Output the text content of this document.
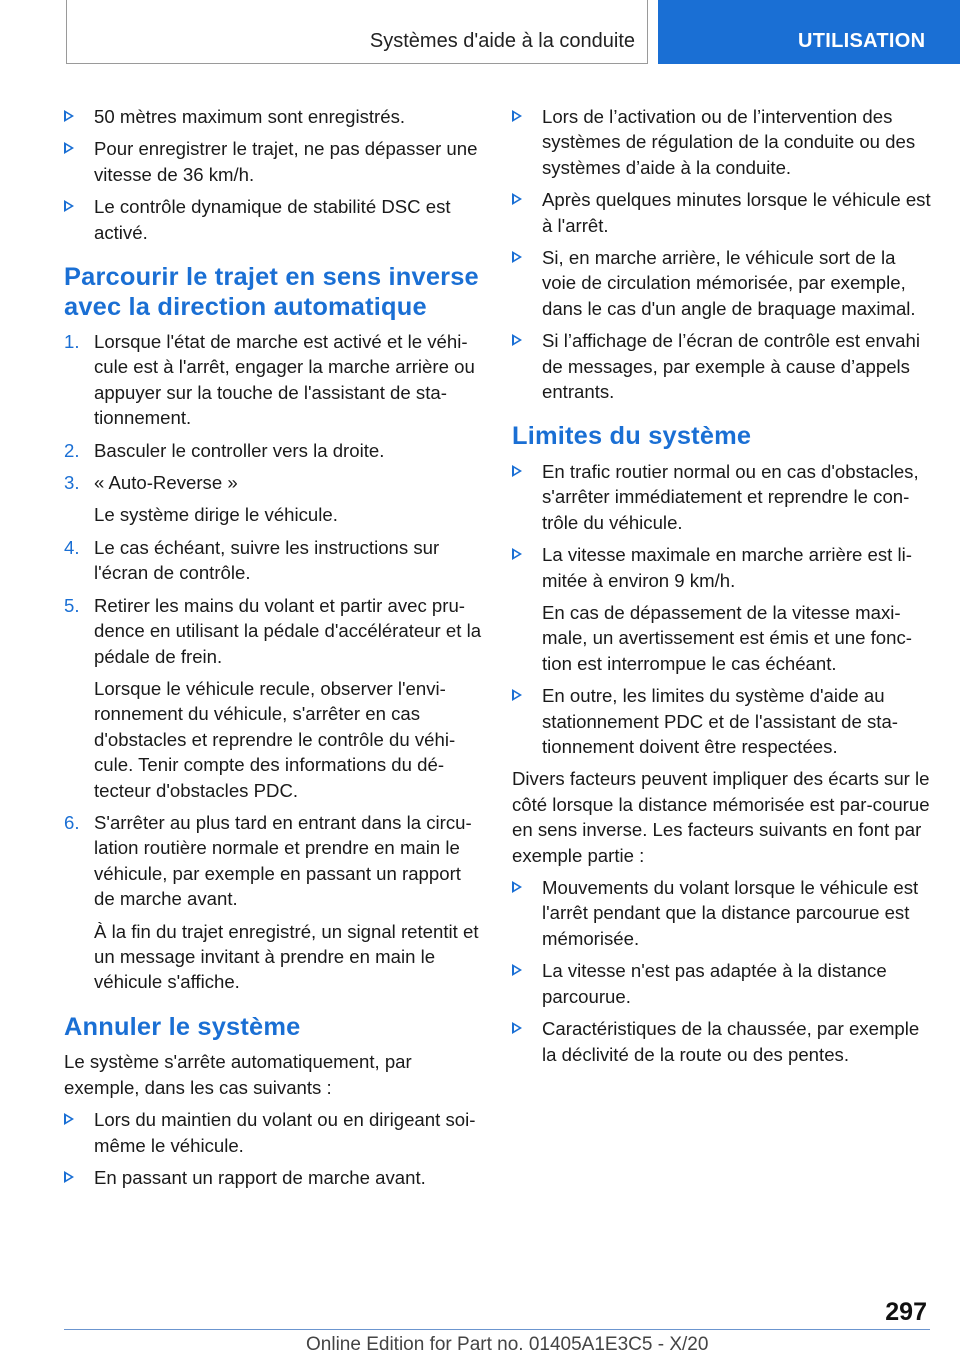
Systèmes d'aide à la conduite	UTILISATION
50 mètres maximum sont enregistrés.
Pour enregistrer le trajet, ne pas dépasser une vitesse de 36 km/h.
Le contrôle dynamique de stabilité DSC est activé.
Parcourir le trajet en sens inverse avec la direction automatique
1. Lorsque l'état de marche est activé et le véhi-cule est à l'arrêt, engager la marche arrière ou appuyer sur la touche de l'assistant de sta-tionnement.
2. Basculer le controller vers la droite.
3. « Auto-Reverse »
Le système dirige le véhicule.
4. Le cas échéant, suivre les instructions sur l'écran de contrôle.
5. Retirer les mains du volant et partir avec pru-dence en utilisant la pédale d'accélérateur et la pédale de frein.
Lorsque le véhicule recule, observer l'envi-ronnement du véhicule, s'arrêter en cas d'obstacles et reprendre le contrôle du véhi-cule. Tenir compte des informations du dé-tecteur d'obstacles PDC.
6. S'arrêter au plus tard en entrant dans la circu-lation routière normale et prendre en main le véhicule, par exemple en passant un rapport de marche avant.
À la fin du trajet enregistré, un signal retentit et un message invitant à prendre en main le véhicule s'affiche.
Annuler le système
Le système s'arrête automatiquement, par exemple, dans les cas suivants :
Lors du maintien du volant ou en dirigeant soi-même le véhicule.
En passant un rapport de marche avant.
Lors de l’activation ou de l’intervention des systèmes de régulation de la conduite ou des systèmes d’aide à la conduite.
Après quelques minutes lorsque le véhicule est à l'arrêt.
Si, en marche arrière, le véhicule sort de la voie de circulation mémorisée, par exemple, dans le cas d'un angle de braquage maximal.
Si l’affichage de l’écran de contrôle est envahi de messages, par exemple à cause d’appels entrants.
Limites du système
En trafic routier normal ou en cas d'obstacles, s'arrêter immédiatement et reprendre le con-trôle du véhicule.
La vitesse maximale en marche arrière est li-mitée à environ 9 km/h.
En cas de dépassement de la vitesse maxi-male, un avertissement est émis et une fonc-tion est interrompue le cas échéant.
En outre, les limites du système d'aide au stationnement PDC et de l'assistant de sta-tionnement doivent être respectées.
Divers facteurs peuvent impliquer des écarts sur le côté lorsque la distance mémorisée est par-courue en sens inverse. Les facteurs suivants en font par exemple partie :
Mouvements du volant lorsque le véhicule est l'arrêt pendant que la distance parcourue est mémorisée.
La vitesse n'est pas adaptée à la distance parcourue.
Caractéristiques de la chaussée, par exemple la déclivité de la route ou des pentes.
297
Online Edition for Part no. 01405A1E3C5 - X/20
